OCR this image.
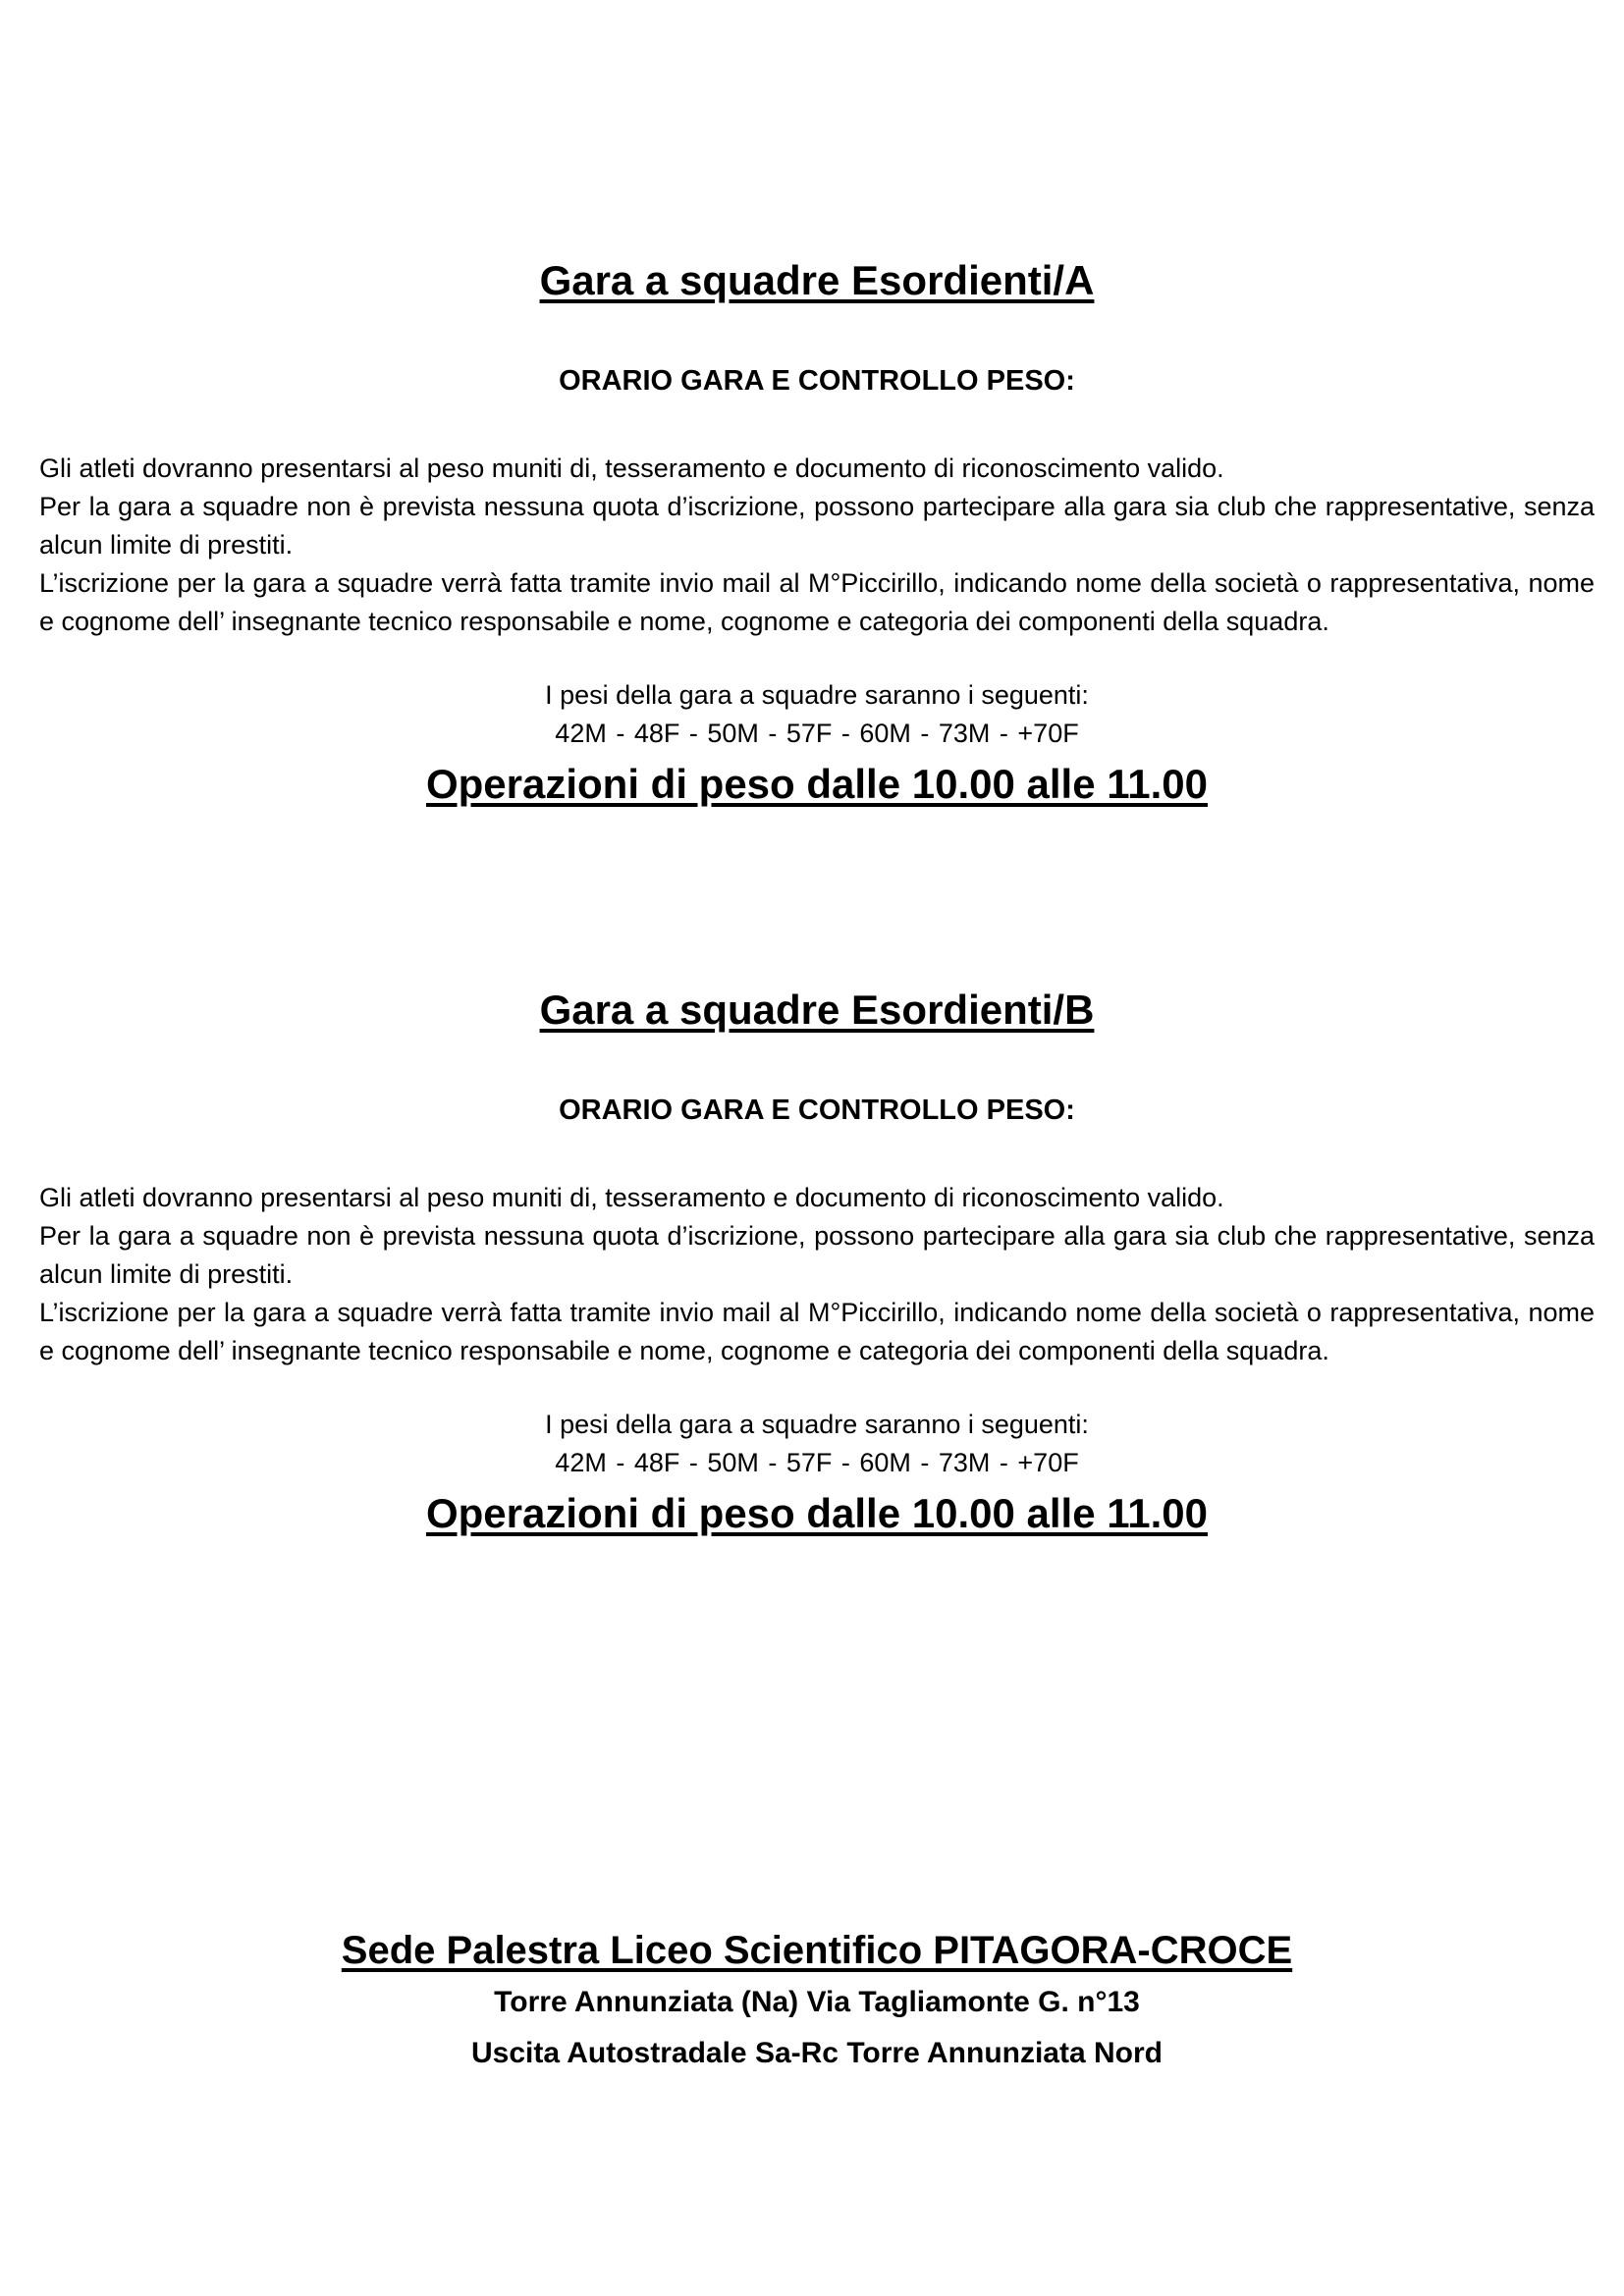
Gara a squadre Esordienti/A
ORARIO GARA E CONTROLLO PESO:

Gli atleti dovranno presentarsi al peso muniti di, tesseramento e documento di riconoscimento valido.

Per la gara a squadre non è prevista nessuna quota d’iscrizione, possono partecipare alla gara sia club che rappresentative, senza alcun limite di prestiti.

L’iscrizione per la gara a squadre verrà fatta tramite invio mail al M°Piccirillo, indicando nome della società o rappresentativa, nome e cognome dell’ insegnante tecnico responsabile e nome, cognome e categoria dei componenti della squadra.

I pesi della gara a squadre saranno i seguenti:

42M - 48F - 50M - 57F - 60M - 73M - +70F

Operazioni di peso dalle 10.00 alle 11.00

Gara a squadre Esordienti/B
ORARIO GARA E CONTROLLO PESO:

Gli atleti dovranno presentarsi al peso muniti di, tesseramento e documento di riconoscimento valido.

Per la gara a squadre non è prevista nessuna quota d’iscrizione, possono partecipare alla gara sia club che rappresentative, senza alcun limite di prestiti.

L’iscrizione per la gara a squadre verrà fatta tramite invio mail al M°Piccirillo, indicando nome della società o rappresentativa, nome e cognome dell’ insegnante tecnico responsabile e nome, cognome e categoria dei componenti della squadra.

I pesi della gara a squadre saranno i seguenti:

42M - 48F - 50M - 57F - 60M - 73M - +70F

Operazioni di peso dalle 10.00 alle 11.00

Sede Palestra Liceo Scientifico PITAGORA-CROCE

Torre Annunziata (Na) Via Tagliamonte G. n°13

Uscita Autostradale Sa-Rc Torre Annunziata Nord
